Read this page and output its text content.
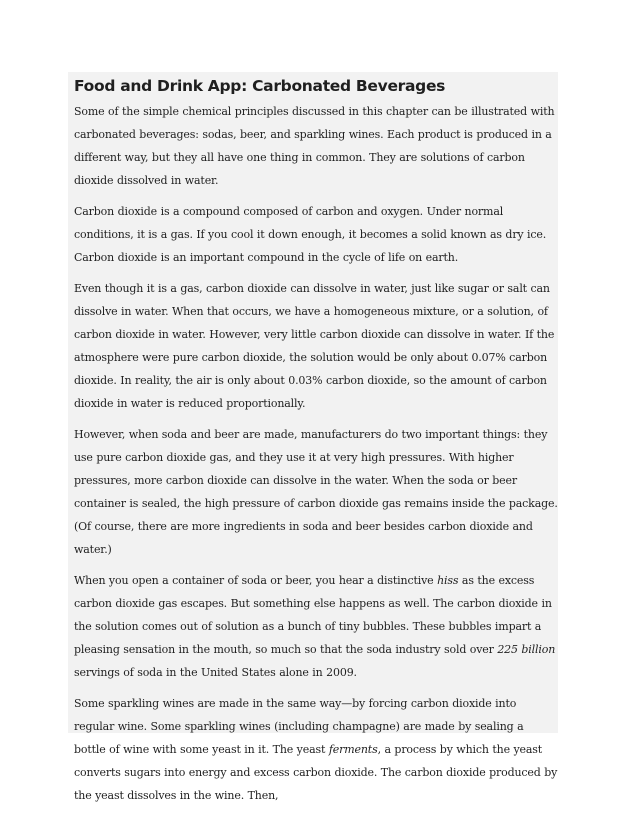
Food and Drink App: Carbonated Beverages

Some of the simple chemical principles discussed in this chapter can be illustrated with carbonated beverages: sodas, beer, and sparkling wines. Each product is produced in a different way, but they all have one thing in common. They are solutions of carbon dioxide dissolved in water.

Carbon dioxide is a compound composed of carbon and oxygen. Under normal conditions, it is a gas. If you cool it down enough, it becomes a solid known as dry ice. Carbon dioxide is an important compound in the cycle of life on earth.

Even though it is a gas, carbon dioxide can dissolve in water, just like sugar or salt can dissolve in water. When that occurs, we have a homogeneous mixture, or a solution, of carbon dioxide in water. However, very little carbon dioxide can dissolve in water. If the atmosphere were pure carbon dioxide, the solution would be only about 0.07% carbon dioxide. In reality, the air is only about 0.03% carbon dioxide, so the amount of carbon dioxide in water is reduced proportionally.

However, when soda and beer are made, manufacturers do two important things: they use pure carbon dioxide gas, and they use it at very high pressures. With higher pressures, more carbon dioxide can dissolve in the water. When the soda or beer container is sealed, the high pressure of carbon dioxide gas remains inside the package. (Of course, there are more ingredients in soda and beer besides carbon dioxide and water.)

When you open a container of soda or beer, you hear a distinctive hiss as the excess carbon dioxide gas escapes. But something else happens as well. The carbon dioxide in the solution comes out of solution as a bunch of tiny bubbles. These bubbles impart a pleasing sensation in the mouth, so much so that the soda industry sold over 225 billion servings of soda in the United States alone in 2009.

Some sparkling wines are made in the same way—by forcing carbon dioxide into regular wine. Some sparkling wines (including champagne) are made by sealing a bottle of wine with some yeast in it. The yeast ferments, a process by which the yeast converts sugars into energy and excess carbon dioxide. The carbon dioxide produced by the yeast dissolves in the wine. Then,
